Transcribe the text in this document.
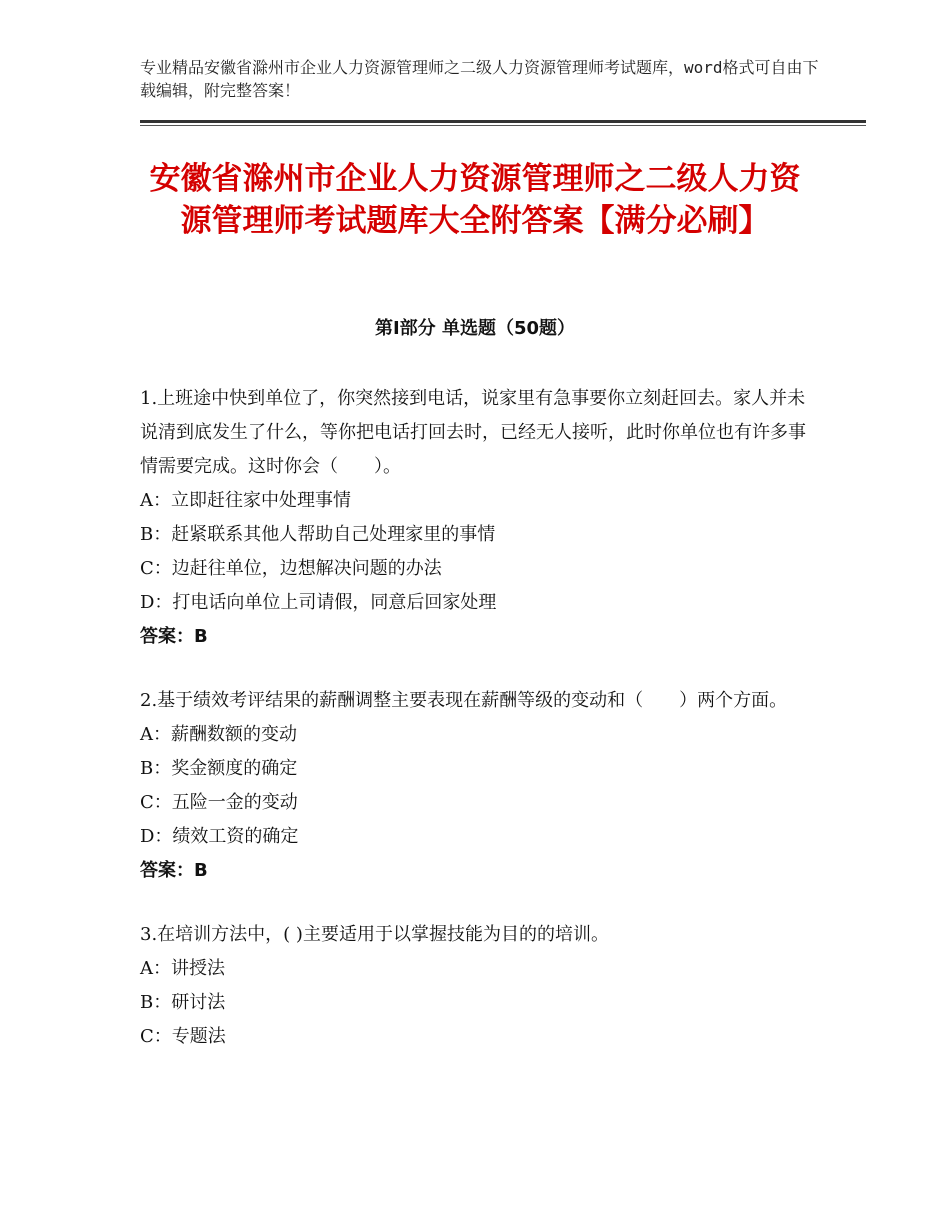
专业精品安徽省滁州市企业人力资源管理师之二级人力资源管理师考试题库，word格式可自由下载编辑，附完整答案！
安徽省滁州市企业人力资源管理师之二级人力资源管理师考试题库大全附答案【满分必刷】
第Ⅰ部分 单选题（50题）
1.上班途中快到单位了，你突然接到电话，说家里有急事要你立刻赶回去。家人并未说清到底发生了什么，等你把电话打回去时，已经无人接听，此时你单位也有许多事情需要完成。这时你会（　　）。
A：立即赶往家中处理事情
B：赶紧联系其他人帮助自己处理家里的事情
C：边赶往单位，边想解决问题的办法
D：打电话向单位上司请假，同意后回家处理
答案：B
2.基于绩效考评结果的薪酬调整主要表现在薪酬等级的变动和（　　）两个方面。
A：薪酬数额的变动
B：奖金额度的确定
C：五险一金的变动
D：绩效工资的确定
答案：B
3.在培训方法中，( )主要适用于以掌握技能为目的的培训。
A：讲授法
B：研讨法
C：专题法
